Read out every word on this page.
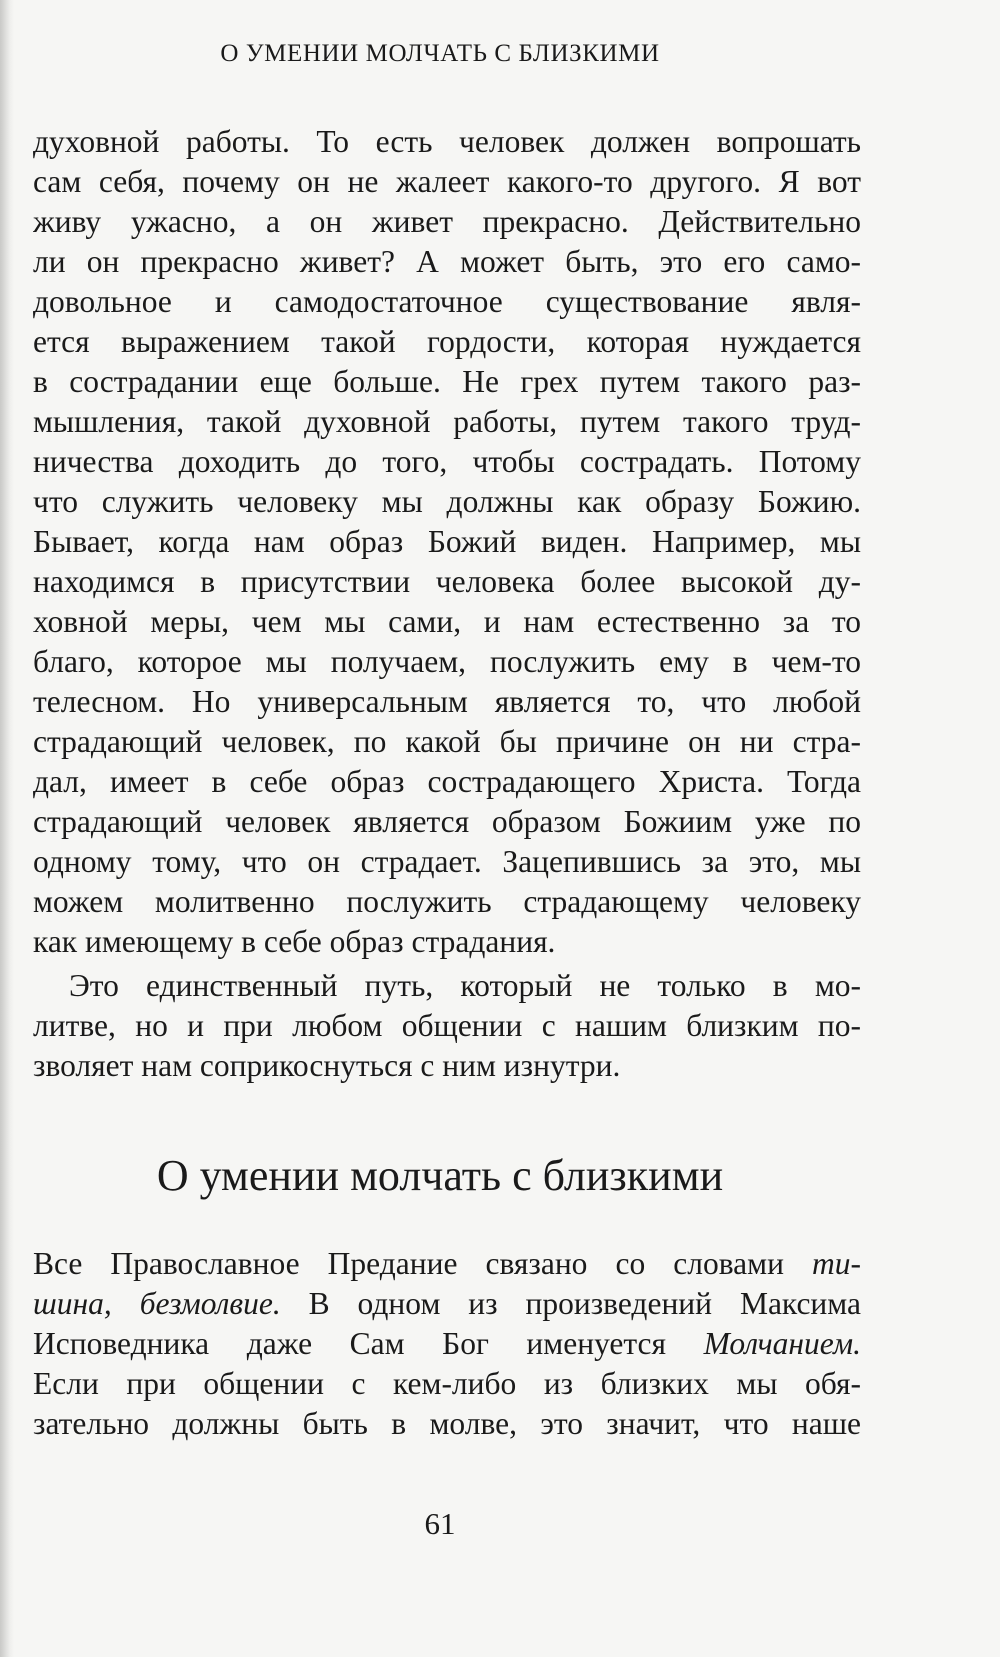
О УМЕНИИ МОЛЧАТЬ С БЛИЗКИМИ
духовной работы. То есть человек должен вопрошать
сам себя, почему он не жалеет какого-то другого. Я вот
живу ужасно, а он живет прекрасно. Действительно
ли он прекрасно живет? А может быть, это его само-
довольное и самодостаточное существование явля-
ется выражением такой гордости, которая нуждается
в сострадании еще больше. Не грех путем такого раз-
мышления, такой духовной работы, путем такого труд-
ничества доходить до того, чтобы сострадать. Потому
что служить человеку мы должны как образу Божию.
Бывает, когда нам образ Божий виден. Например, мы
находимся в присутствии человека более высокой ду-
ховной меры, чем мы сами, и нам естественно за то
благо, которое мы получаем, послужить ему в чем-то
телесном. Но универсальным является то, что любой
страдающий человек, по какой бы причине он ни стра-
дал, имеет в себе образ сострадающего Христа. Тогда
страдающий человек является образом Божиим уже по
одному тому, что он страдает. Зацепившись за это, мы
можем молитвенно послужить страдающему человеку
как имеющему в себе образ страдания.
Это единственный путь, который не только в мо-
литве, но и при любом общении с нашим близким по-
зволяет нам соприкоснуться с ним изнутри.
О умении молчать с близкими
Все Православное Предание связано со словами ти-
шина, безмолвие. В одном из произведений Максима
Исповедника даже Сам Бог именуется Молчанием.
Если при общении с кем-либо из близких мы обя-
зательно должны быть в молве, это значит, что наше
61
